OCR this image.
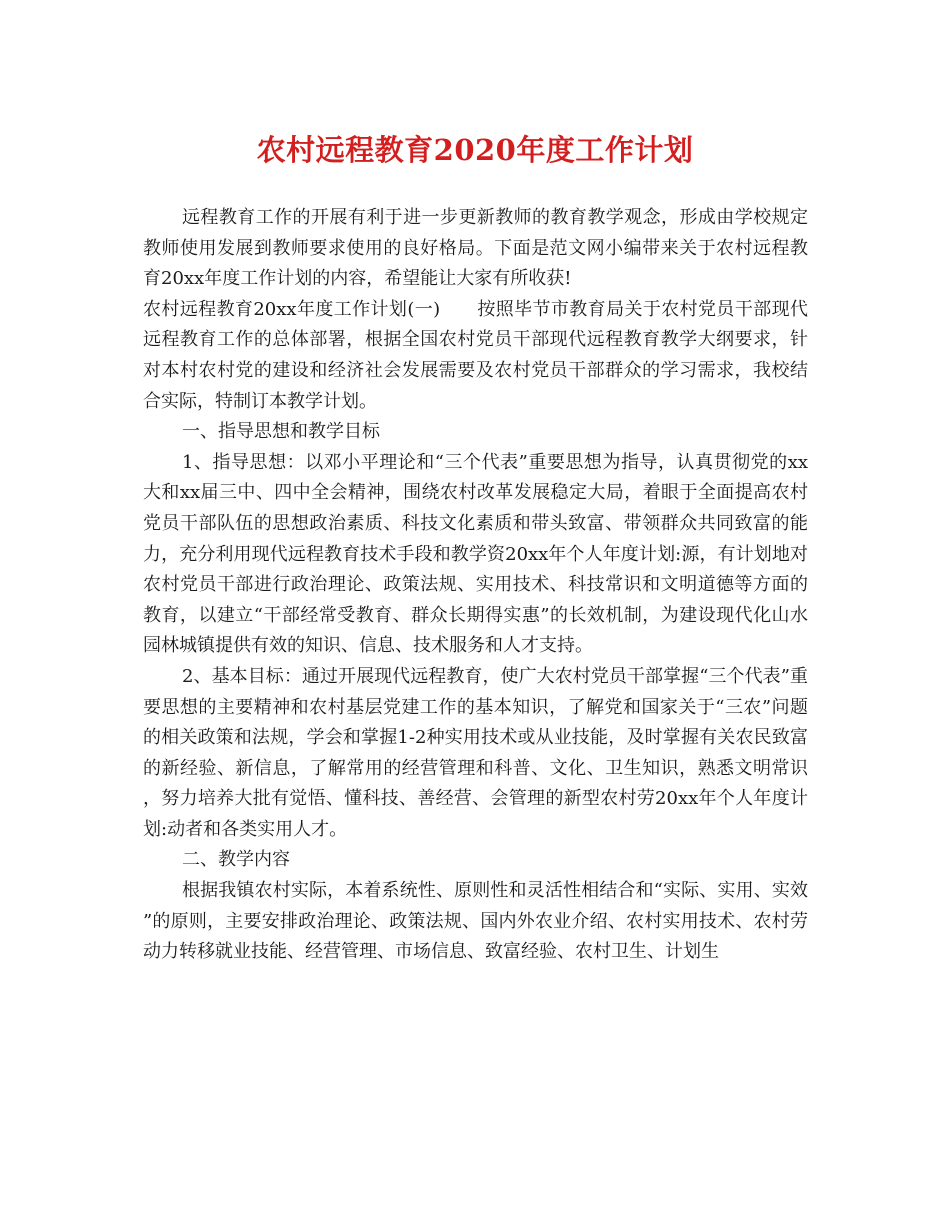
农村远程教育2020年度工作计划

远程教育工作的开展有利于进一步更新教师的教育教学观念，形成由学校规定教师使用发展到教师要求使用的良好格局。下面是范文网小编带来关于农村远程教育20xx年度工作计划的内容，希望能让大家有所收获!

农村远程教育20xx年度工作计划(一)　　按照毕节市教育局关于农村党员干部现代远程教育工作的总体部署，根据全国农村党员干部现代远程教育教学大纲要求，针对本村农村党的建设和经济社会发展需要及农村党员干部群众的学习需求，我校结合实际，特制订本教学计划。

一、指导思想和教学目标

1、指导思想：以邓小平理论和“三个代表”重要思想为指导，认真贯彻党的xx大和xx届三中、四中全会精神，围绕农村改革发展稳定大局，着眼于全面提高农村党员干部队伍的思想政治素质、科技文化素质和带头致富、带领群众共同致富的能力，充分利用现代远程教育技术手段和教学资20xx年个人年度计划:源，有计划地对农村党员干部进行政治理论、政策法规、实用技术、科技常识和文明道德等方面的教育，以建立“干部经常受教育、群众长期得实惠”的长效机制，为建设现代化山水园林城镇提供有效的知识、信息、技术服务和人才支持。

2、基本目标：通过开展现代远程教育，使广大农村党员干部掌握“三个代表”重要思想的主要精神和农村基层党建工作的基本知识，了解党和国家关于“三农”问题的相关政策和法规，学会和掌握1-2种实用技术或从业技能，及时掌握有关农民致富的新经验、新信息，了解常用的经营管理和科普、文化、卫生知识，熟悉文明常识，努力培养大批有觉悟、懂科技、善经营、会管理的新型农村劳20xx年个人年度计划:动者和各类实用人才。

二、教学内容

根据我镇农村实际，本着系统性、原则性和灵活性相结合和“实际、实用、实效”的原则，主要安排政治理论、政策法规、国内外农业介绍、农村实用技术、农村劳动力转移就业技能、经营管理、市场信息、致富经验、农村卫生、计划生
